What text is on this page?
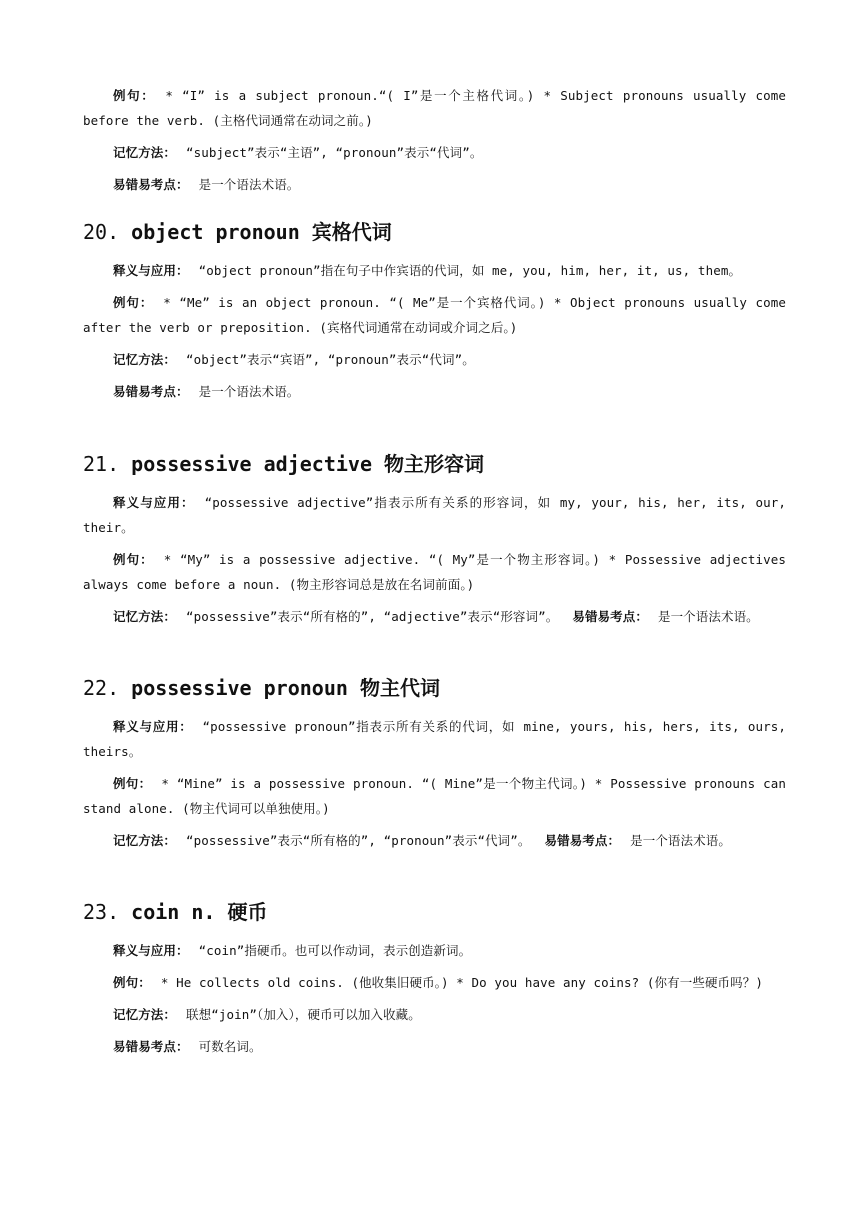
例句： * “I” is a subject pronoun.“( I”是一个主格代词。) * Subject pronouns usually come before the verb. (主格代词通常在动词之前。)

记忆方法： “subject”表示“主语”, “pronoun”表示“代词”。

易错易考点： 是一个语法术语。

20. object pronoun 宾格代词

释义与应用： “object pronoun”指在句子中作宾语的代词，如 me, you, him, her, it, us, them。

例句： * “Me” is an object pronoun. “( Me”是一个宾格代词。) * Object pronouns usually come after the verb or preposition. (宾格代词通常在动词或介词之后。)

记忆方法： “object”表示“宾语”, “pronoun”表示“代词”。

易错易考点： 是一个语法术语。

21. possessive adjective 物主形容词

释义与应用： “possessive adjective”指表示所有关系的形容词，如 my, your, his, her, its, our, their。

例句： * “My” is a possessive adjective. “( My”是一个物主形容词。) * Possessive adjectives always come before a noun. (物主形容词总是放在名词前面。)

记忆方法： “possessive”表示“所有格的”, “adjective”表示“形容词”。 易错易考点： 是一个语法术语。

22. possessive pronoun 物主代词

释义与应用： “possessive pronoun”指表示所有关系的代词，如 mine, yours, his, hers, its, ours, theirs。

例句： * “Mine” is a possessive pronoun. “( Mine”是一个物主代词。) * Possessive pronouns can stand alone. (物主代词可以单独使用。)

记忆方法： “possessive”表示“所有格的”, “pronoun”表示“代词”。 易错易考点： 是一个语法术语。

23. coin n. 硬币

释义与应用： “coin”指硬币。也可以作动词，表示创造新词。

例句： * He collects old coins. (他收集旧硬币。) * Do you have any coins? (你有一些硬币吗？)

记忆方法： 联想“join”（加入），硬币可以加入收藏。

易错易考点： 可数名词。
